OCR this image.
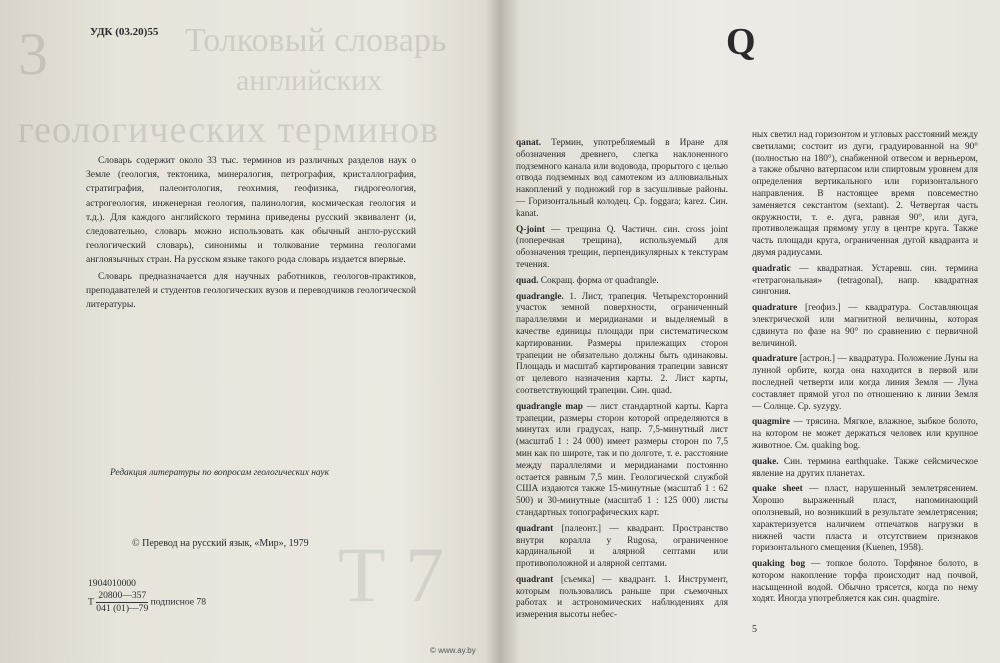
3	Толковый словарь
английских
геологических терминов
Т 7
УДК (03.20)55

Словарь содержит около 33 тыс. терминов из различных разделов наук о Земле (геология, тектоника, минералогия, петрография, кристаллография, стратиграфия, палеонтология, геохимия, геофизика, гидрогеология, астрогеология, инженерная геология, палинология, космическая геология и т.д.). Для каждого английского термина приведены русский эквивалент (и, следовательно, словарь можно использовать как обычный англо-русский геологический словарь), синонимы и толкование термина геологами англоязычных стран. На русском языке такого рода словарь издается впервые.

Словарь предназначается для научных работников, геологов-практиков, преподавателей и студентов геологических вузов и переводчиков геологической литературы.

Редакция литературы по вопросам геологических наук
© Перевод на русский язык, «Мир», 1979
1904010000
Т $\frac{20800—357}{041 (01)—79}$ подписное 78
Q

qanat. Термин, употребляемый в Иране для обозначения древнего, слегка наклоненного подземного канала или водовода, прорытого с целью отвода подземных вод самотеком из аллювиальных накоплений у подножий гор в засушливые районы. — Горизонтальный колодец. Ср. foggara; karez. Син. kanat.

Q-joint — трещина Q. Частичн. син. cross joint (поперечная трещина), используемый для обозначения трещин, перпендикулярных к текстурам течения.

quad. Сокращ. форма от quadrangle.

quadrangle. 1. Лист, трапеция. Четырехсторонний участок земной поверхности, ограниченный параллелями и меридианами и выделяемый в качестве единицы площади при систематическом картировании. Размеры прилежащих сторон трапеции не обязательно должны быть одинаковы. Площадь и масштаб картирования трапеции зависят от целевого назначения карты. 2. Лист карты, соответствующий трапеции. Син. quad.

quadrangle map — лист стандартной карты. Карта трапеции, размеры сторон которой определяются в минутах или градусах, напр. 7,5-минутный лист (масштаб 1 : 24 000) имеет размеры сторон по 7,5 мин как по широте, так и по долготе, т. е. расстояние между параллелями и меридианами постоянно остается равным 7,5 мин. Геологической службой США издаются также 15-минутные (масштаб 1 : 62 500) и 30-минутные (масштаб 1 : 125 000) листы стандартных топографических карт.

quadrant [палеонт.] — квадрант. Пространство внутри коралла у Rugosa, ограниченное кардинальной и алярной септами или противоположной и алярной септами.

quadrant [съемка] — квадрант. 1. Инструмент, которым пользовались раньше при съемочных работах и астрономических наблюдениях для измерения высоты небес-

ных светил над горизонтом и угловых расстояний между светилами; состоит из дуги, градуированной на 90° (полностью на 180°), снабженной отвесом и верньером, а также обычно ватерпасом или спиртовым уровнем для определения вертикального или горизонтального направления. В настоящее время повсеместно заменяется секстантом (sextant). 2. Четвертая часть окружности, т. е. дуга, равная 90°, или дуга, противолежащая прямому углу в центре круга. Также часть площади круга, ограниченная дугой квадранта и двумя радиусами.

quadratic — квадратная. Устаревш. син. термина «тетрагональная» (tetragonal), напр. квадратная сингония.

quadrature [геофиз.] — квадратура. Составляющая электрической или магнитной величины, которая сдвинута по фазе на 90° по сравнению с первичной величиной.

quadrature [астрон.] — квадратура. Положение Луны на лунной орбите, когда она находится в первой или последней четверти или когда линия Земля — Луна составляет прямой угол по отношению к линии Земля — Солнце. Ср. syzygy.

quagmire — трясина. Мягкое, влажное, зыбкое болото, на котором не может держаться человек или крупное животное. См. quaking bog.

quake. Син. термина earthquake. Также сейсмическое явление на других планетах.

quake sheet — пласт, нарушенный землетрясением. Хорошо выраженный пласт, напоминающий оползневый, но возникший в результате землетрясения; характеризуется наличием отпечатков нагрузки в нижней части пласта и отсутствием признаков горизонтального смещения (Kuenen, 1958).

quaking bog — топкое болото. Торфяное болото, в котором накопление торфа происходит над почвой, насыщенной водой. Обычно трясется, когда по нему ходят. Иногда употребляется как син. quagmire.

5
© www.ay.by
